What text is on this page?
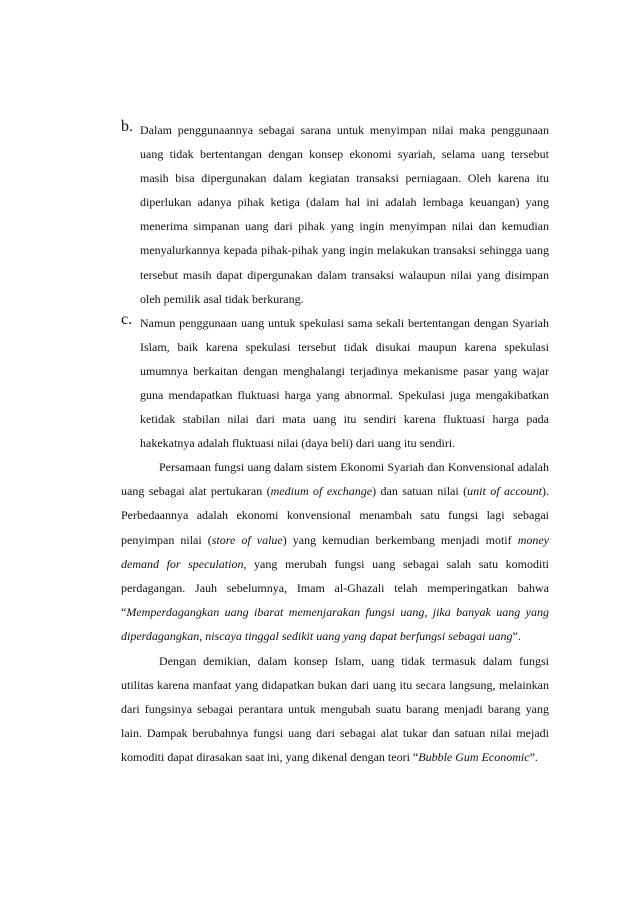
b. Dalam penggunaannya sebagai sarana untuk menyimpan nilai maka penggunaan uang tidak bertentangan dengan konsep ekonomi syariah, selama uang tersebut masih bisa dipergunakan dalam kegiatan transaksi perniagaan. Oleh karena itu diperlukan adanya pihak ketiga (dalam hal ini adalah lembaga keuangan) yang menerima simpanan uang dari pihak yang ingin menyimpan nilai dan kemudian menyalurkannya kepada pihak-pihak yang ingin melakukan transaksi sehingga uang tersebut masih dapat dipergunakan dalam transaksi walaupun nilai yang disimpan oleh pemilik asal tidak berkurang.
c. Namun penggunaan uang untuk spekulasi sama sekali bertentangan dengan Syariah Islam, baik karena spekulasi tersebut tidak disukai maupun karena spekulasi umumnya berkaitan dengan menghalangi terjadinya mekanisme pasar yang wajar guna mendapatkan fluktuasi harga yang abnormal. Spekulasi juga mengakibatkan ketidak stabilan nilai dari mata uang itu sendiri karena fluktuasi harga pada hakekatnya adalah fluktuasi nilai (daya beli) dari uang itu sendiri.

Persamaan fungsi uang dalam sistem Ekonomi Syariah dan Konvensional adalah uang sebagai alat pertukaran (medium of exchange) dan satuan nilai (unit of account). Perbedaannya adalah ekonomi konvensional menambah satu fungsi lagi sebagai penyimpan nilai (store of value) yang kemudian berkembang menjadi motif money demand for speculation, yang merubah fungsi uang sebagai salah satu komoditi perdagangan. Jauh sebelumnya, Imam al-Ghazali telah memperingatkan bahwa “Memperdagangkan uang ibarat memenjarakan fungsi uang, jika banyak uang yang diperdagangkan, niscaya tinggal sedikit uang yang dapat berfungsi sebagai uang”.

Dengan demikian, dalam konsep Islam, uang tidak termasuk dalam fungsi utilitas karena manfaat yang didapatkan bukan dari uang itu secara langsung, melainkan dari fungsinya sebagai perantara untuk mengubah suatu barang menjadi barang yang lain. Dampak berubahnya fungsi uang dari sebagai alat tukar dan satuan nilai mejadi komoditi dapat dirasakan saat ini, yang dikenal dengan teori “Bubble Gum Economic”.
